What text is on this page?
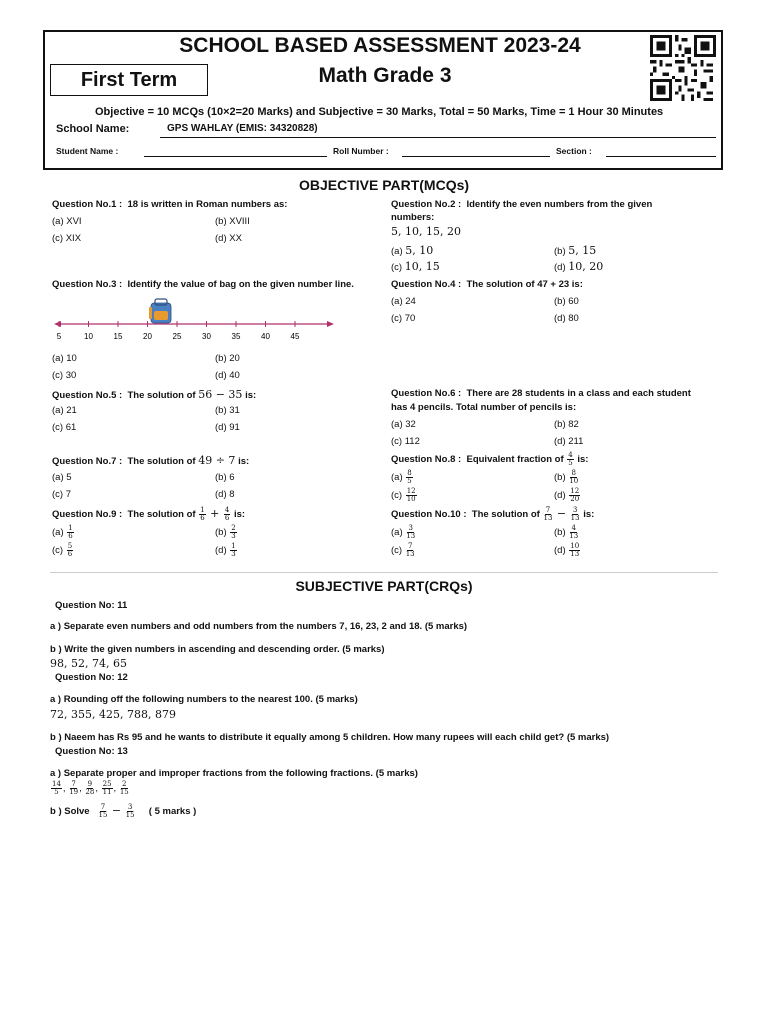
SCHOOL BASED ASSESSMENT 2023-24
First Term	Math Grade 3
Objective = 10 MCQs (10×2=20 Marks) and Subjective = 30 Marks, Total = 50 Marks, Time = 1 Hour 30 Minutes
School Name:	GPS WAHLAY (EMIS: 34320828)
Student Name :	Roll Number :	Section :
OBJECTIVE PART(MCQs)
Question No.1 : 18 is written in Roman numbers as:
(a) XVI	(b) XVIII
(c) XIX	(d) XX
Question No.2 : Identify the even numbers from the given
numbers:
5, 10, 15, 20
(a) 5, 10	(b) 5, 15
(c) 10, 15	(d) 10, 20
Question No.3 : Identify the value of bag on the given number line.
5	10	15	20	25	30	35	40	45
(a) 10	(b) 20
(c) 30	(d) 40
Question No.4 : The solution of 47 + 23 is:
(a) 24	(b) 60
(c) 70	(d) 80
Question No.5 : The solution of 56 − 35 is:
(a) 21	(b) 31
(c) 61	(d) 91
Question No.6 : There are 28 students in a class and each student
has 4 pencils. Total number of pencils is:
(a) 32	(b) 82
(c) 112	(d) 211
Question No.7 : The solution of 49 ÷ 7 is:
(a) 5	(b) 6
(c) 7	(d) 8
Question No.8 : Equivalent fraction of $\frac{4}{5}$ is:
$(a) \frac{8}{5}$	$(b) \frac{8}{10}$
$(c) \frac{12}{10}$	$(d) \frac{12}{20}$
Question No.9 : The solution of $\frac{1}{6} + \frac{4}{6}$ is:
$(a) \frac{1}{6}$	$(b) \frac{2}{3}$
$(c) \frac{5}{6}$	$(d) \frac{1}{3}$
Question No.10 : The solution of $\frac{7}{13} - \frac{3}{13}$ is:
$(a) \frac{3}{13}$	$(b) \frac{4}{13}$
$(c) \frac{7}{13}$	$(d) \frac{10}{13}$
SUBJECTIVE PART(CRQs)
Question No: 11
a ) Separate even numbers and odd numbers from the numbers 7, 16, 23, 2 and 18. (5 marks)
b ) Write the given numbers in ascending and descending order. (5 marks)
98, 52, 74, 65
Question No: 12
a ) Rounding off the following numbers to the nearest 100. (5 marks)
72, 355, 425, 788, 879
b ) Naeem has Rs 95 and he wants to distribute it equally among 5 children. How many rupees will each child get? (5 marks)
Question No: 13
a ) Separate proper and improper fractions from the following fractions. (5 marks)
$\frac{14}{5}$ , $\frac{7}{19}$ , $\frac{9}{28}$ , $\frac{25}{11}$ , $\frac{2}{15}$
b ) Solve $\frac{7}{15} - \frac{3}{15}$ ( 5 marks )
